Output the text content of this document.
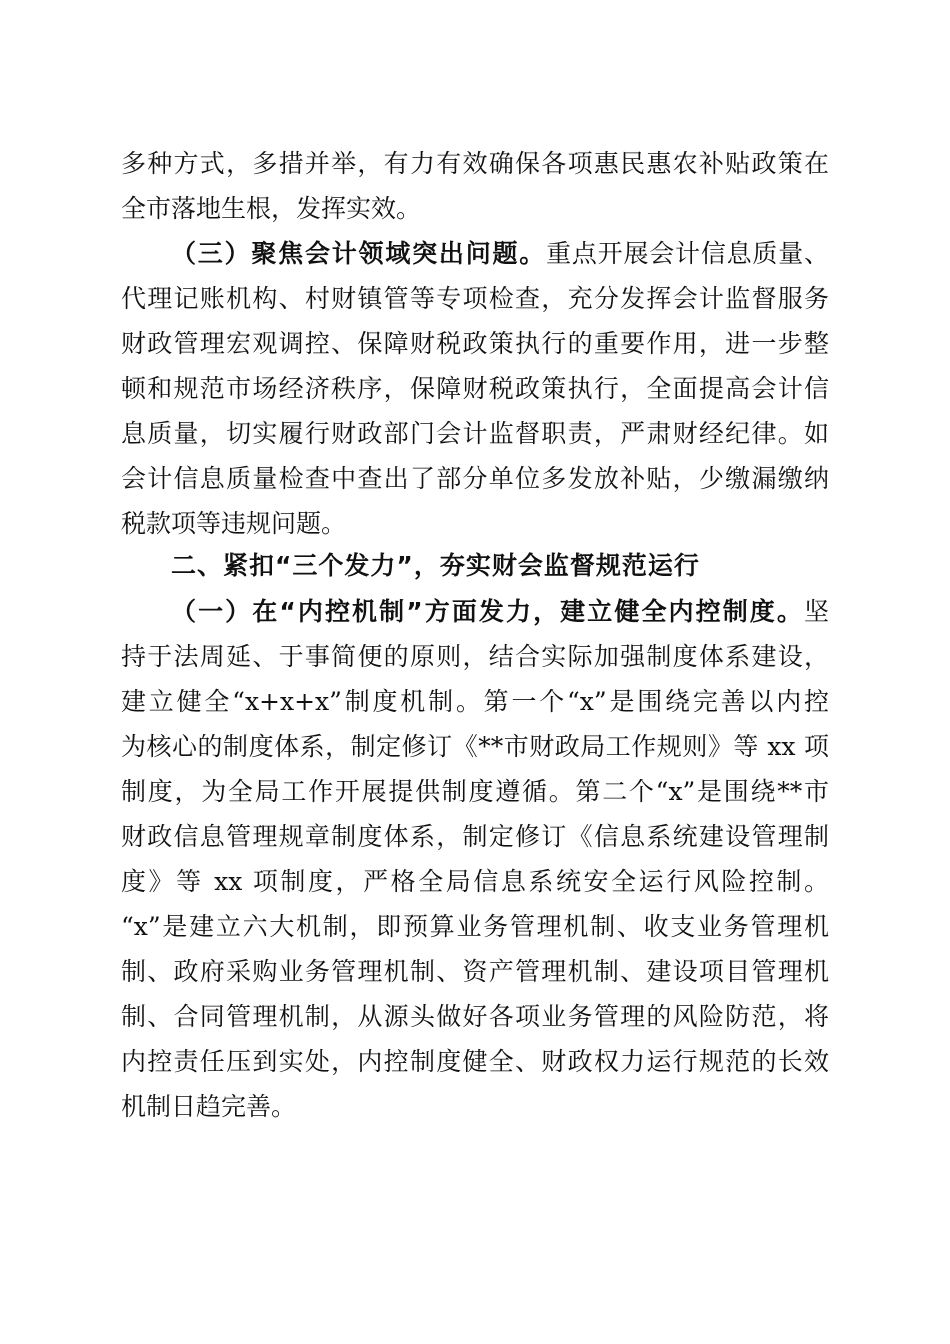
多种方式，多措并举，有力有效确保各项惠民惠农补贴政策在
全市落地生根，发挥实效。
（三）聚焦会计领域突出问题。重点开展会计信息质量、
代理记账机构、村财镇管等专项检查，充分发挥会计监督服务
财政管理宏观调控、保障财税政策执行的重要作用，进一步整
顿和规范市场经济秩序，保障财税政策执行，全面提高会计信
息质量，切实履行财政部门会计监督职责，严肃财经纪律。如
会计信息质量检查中查出了部分单位多发放补贴，少缴漏缴纳
税款项等违规问题。
二、紧扣“三个发力”，夯实财会监督规范运行
（一）在“内控机制”方面发力，建立健全内控制度。坚
持于法周延、于事简便的原则，结合实际加强制度体系建设，
建立健全“x+x+x”制度机制。第一个“x”是围绕完善以内控
为核心的制度体系，制定修订《**市财政局工作规则》等 xx 项
制度，为全局工作开展提供制度遵循。第二个“x”是围绕**市
财政信息管理规章制度体系，制定修订《信息系统建设管理制
度》等 xx 项制度，严格全局信息系统安全运行风险控制。
“x”是建立六大机制，即预算业务管理机制、收支业务管理机
制、政府采购业务管理机制、资产管理机制、建设项目管理机
制、合同管理机制，从源头做好各项业务管理的风险防范，将
内控责任压到实处，内控制度健全、财政权力运行规范的长效
机制日趋完善。
